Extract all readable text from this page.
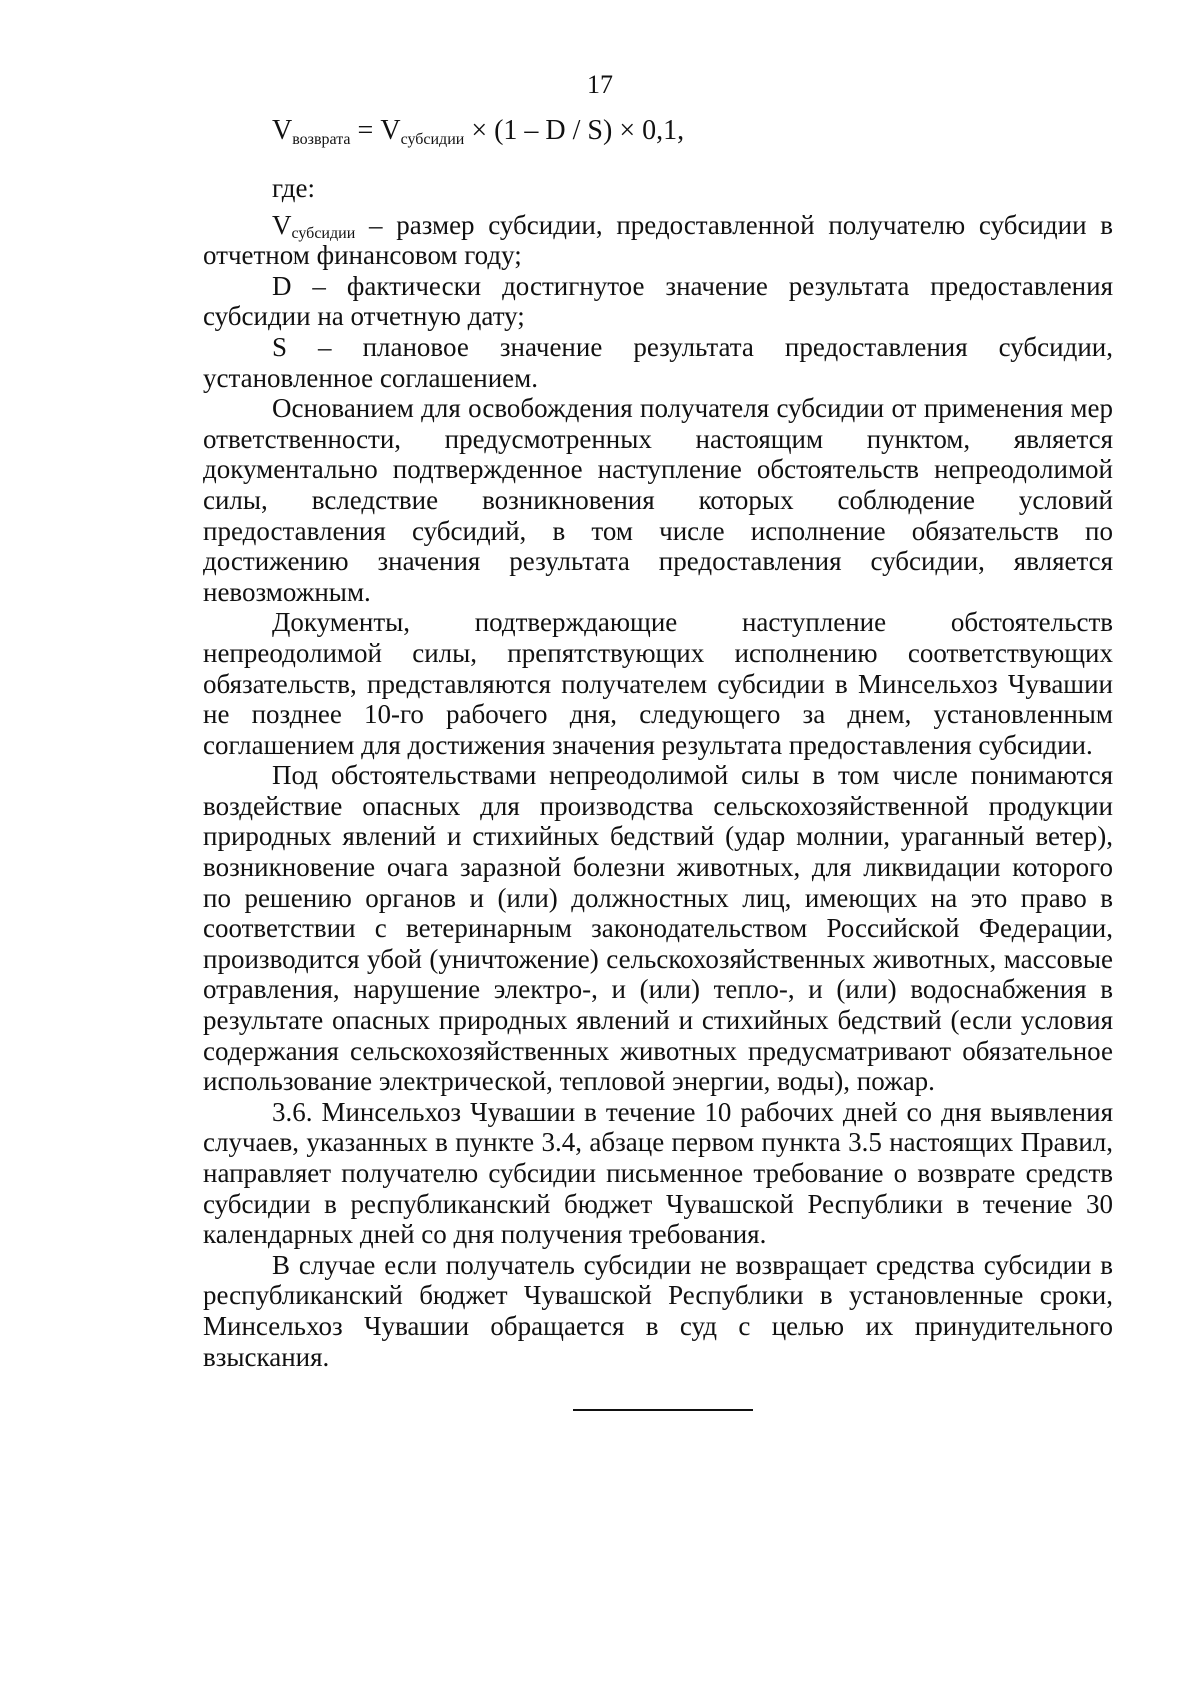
17
$V_{возврата} = V_{субсидии} \times (1 - D / S) \times 0,1$,

где:

$V_{субсидии}$ – размер субсидии, предоставленной получателю субсидии в отчетном финансовом году;

D – фактически достигнутое значение результата предоставления субсидии на отчетную дату;

S – плановое значение результата предоставления субсидии, установленное соглашением.

Основанием для освобождения получателя субсидии от применения мер ответственности, предусмотренных настоящим пунктом, является документально подтвержденное наступление обстоятельств непреодолимой силы, вследствие возникновения которых соблюдение условий предоставления субсидий, в том числе исполнение обязательств по достижению значения результата предоставления субсидии, является невозможным.

Документы, подтверждающие наступление обстоятельств непреодолимой силы, препятствующих исполнению соответствующих обязательств, представляются получателем субсидии в Минсельхоз Чувашии не позднее 10-го рабочего дня, следующего за днем, установленным соглашением для достижения значения результата предоставления субсидии.

Под обстоятельствами непреодолимой силы в том числе понимаются воздействие опасных для производства сельскохозяйственной продукции природных явлений и стихийных бедствий (удар молнии, ураганный ветер), возникновение очага заразной болезни животных, для ликвидации которого по решению органов и (или) должностных лиц, имеющих на это право в соответствии с ветеринарным законодательством Российской Федерации, производится убой (уничтожение) сельскохозяйственных животных, массовые отравления, нарушение электро-, и (или) тепло-, и (или) водоснабжения в результате опасных природных явлений и стихийных бедствий (если условия содержания сельскохозяйственных животных предусматривают обязательное использование электрической, тепловой энергии, воды), пожар.

3.6. Минсельхоз Чувашии в течение 10 рабочих дней со дня выявления случаев, указанных в пункте 3.4, абзаце первом пункта 3.5 настоящих Правил, направляет получателю субсидии письменное требование о возврате средств субсидии в республиканский бюджет Чувашской Республики в течение 30 календарных дней со дня получения требования.

В случае если получатель субсидии не возвращает средства субсидии в республиканский бюджет Чувашской Республики в установленные сроки, Минсельхоз Чувашии обращается в суд с целью их принудительного взыскания.
